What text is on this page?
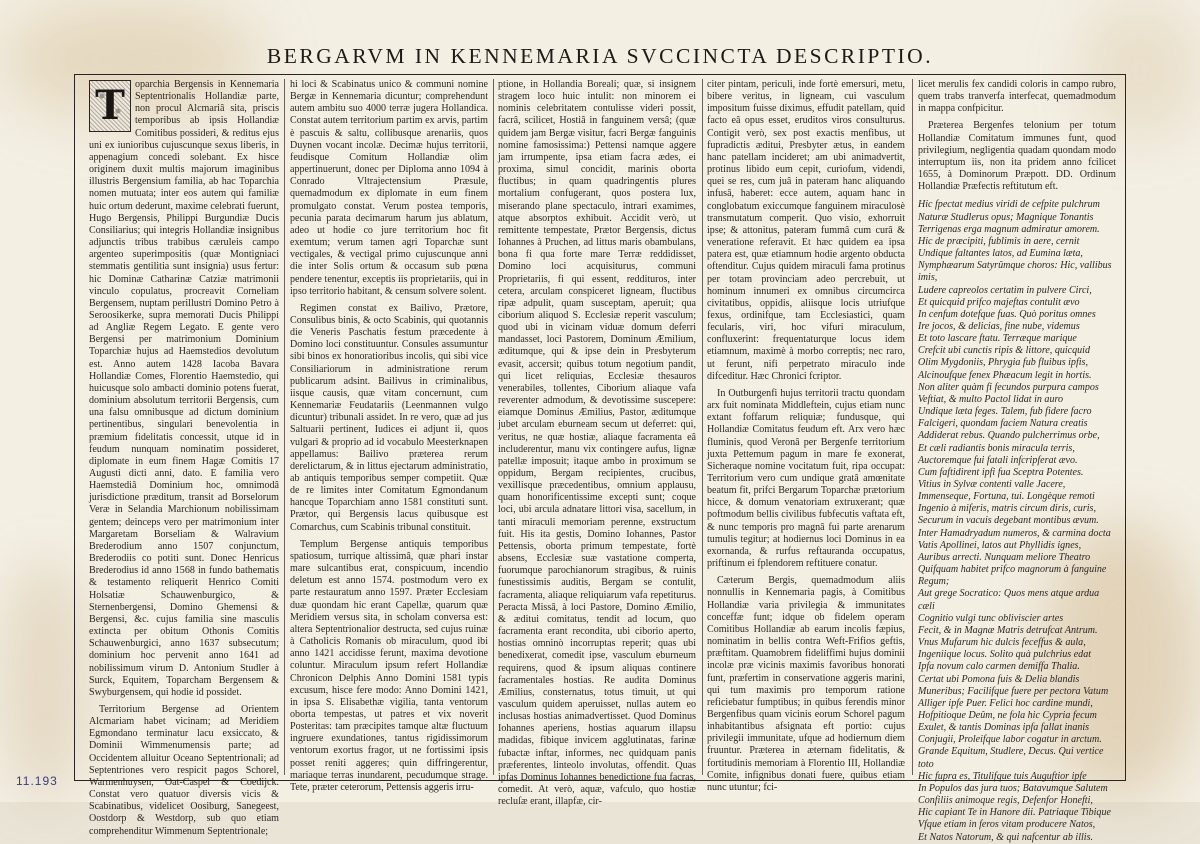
BERGARVM IN KENNEMARIA SVCCINCTA DESCRIPTIO.
T	oparchia Bergensis in Kennemaria Septentrionalis Hollandiæ parte, non procul Alcmariâ sita, priscis temporibus ab ipsis Hollandiæ Comitibus possideri, & reditus ejus uni ex iunioribus cujuscunque sexus liberis, in appenagium concedi solebant. Ex hisce originem duxit multis majorum imaginibus illustris Bergensium familia, ab hac Toparchia nomen mutuata; inter eos autem qui familiæ huic ortum dederunt, maxime celebrati fuerunt, Hugo Bergensis, Philippi Burgundiæ Ducis Consiliarius; qui integris Hollandiæ insignibus adjunctis tribus trabibus cæruleis campo argenteo superimpositis (quæ Montigniaci stemmatis gentilitia sunt insignia) usus fertur: hic Dominæ Catharinæ Catziæ matrimonii vinculo copulatus, procreavit Corneliam Bergensem, nuptam perillustri Domino Petro à Seroosikerke, supra memorati Ducis Philippi ad Angliæ Regem Legato. E gente vero Bergensi per matrimonium Dominium Toparchiæ hujus ad Haemstedios devolutum est. Anno autem 1428 Iacoba Bavara Hollandiæ Comes, Florentio Haemstedio, qui huicusque solo ambacti dominio potens fuerat, dominium absolutum territorii Bergensis, cum una falsu omnibusque ad dictum dominium pertinentibus, singulari benevolentia in præmium fidelitatis concessit, utque id in feudum nunquam nominatim possideret, diplomate in eum finem Hagæ Comitis 17 Augusti dicti anni, dato. E familia vero Haemstediâ Dominium hoc, omnimodâ jurisdictione præditum, transit ad Borselorum Veræ in Selandia Marchionum nobilissimam gentem; deinceps vero per matrimonium inter Margaretam Borseliam & Walravium Brederodium anno 1507 conjunctum, Brederodiis co potiti sunt. Donec Henricus Brederodius id anno 1568 in fundo bathematis & testamento reliquerit Henrico Comiti Holsatiæ Schauwenburgico, & Sternenbergensi, Domino Ghemensi & Bergensi, &c. cujus familia sine masculis extincta per obitum Othonis Comitis Schauwenburgici, anno 1637 subsecutum; dominium hoc pervenit anno 1641 ad nobilissimum virum D. Antonium Studler à Surck, Equitem, Toparcham Bergensem & Swyburgensem, qui hodie id possidet.

Territorium Bergense ad Orientem Alcmariam habet vicinam; ad Meridiem Egmondano terminatur lacu exsiccato, & Dominii Wimmenumensis parte; ad Occidentem alluitur Oceano Septentrionali; ad Septentriones vero respicit pagos Schorel, Warmenhuysen, Oat-Caspel & Coedijck. Constat vero quatuor diversis vicis & Scabinatibus, videlicet Oosiburg, Sanegeest, Oostdorp & Westdorp, sub quo etiam comprehenditur Wimmenum Septentrionale;

hi loci & Scabinatus unico & communi nomine Bergæ in Kennemaria dicuntur; comprehendunt autem ambitu suo 4000 terræ jugera Hollandica. Constat autem territorium partim ex arvis, partim è pascuis & saltu, collibusque arenariis, quos Duynen vocant incolæ. Decimæ hujus territorii, feudisque Comitum Hollandiæ olim appertinuerunt, donec per Diploma anno 1094 à Conrado Vltrajectensium Præsule, quemadmodum ex diplomate in eum finem promulgato constat. Verum postea temporis, pecunia parata decimarum harum jus ablatum, adeo ut hodie co jure territorium hoc fit exemtum; verum tamen agri Toparchæ sunt vectigales, & vectigal primo cujuscunque anni die inter Solis ortum & occasum sub pœna pendere tenentur, exceptis iis proprietariis, qui in ipso territorio habitant, & censum solvere solent.

Regimen constat ex Bailivo, Prætore, Consulibus binis, & octo Scabinis, qui quotannis die Veneris Paschatis festum præcedente à Domino loci constituuntur. Consules assumuntur sibi binos ex honoratioribus incolis, qui sibi vice Consiliariorum in administratione rerum publicarum adsint. Bailivus in criminalibus, iisque causis, quæ vitam concernunt, cum Kennemariæ Feudatariis (Leenmannen vulgo dicuntur) tribunali assidet. In re vero, quæ ad jus Saltuarii pertinent, Iudices ei adjunt ii, quos vulgari & proprio ad id vocabulo Meesterknapen appellamus: Bailivo præterea rerum derelictarum, & in littus ejectarum administratio, ab antiquis temporibus semper competiit. Quæ de re limites inter Comitatum Egmondanum hancque Toparchiam anno 1581 constituti sunt. Prætor, qui Bergensis lacus quibusque est Comarchus, cum Scabinis tribunal constituit.

Templum Bergense antiquis temporibus spatiosum, turrique altissimâ, quæ phari instar mare sulcantibus erat, conspicuum, incendio deletum est anno 1574. postmodum vero ex parte restauratum anno 1597. Præter Ecclesiam duæ quondam hic erant Capellæ, quarum quæ Meridiem versus sita, in scholam conversa est: altera Septentrionalior destructa, sed cujus ruinæ à Catholicis Romanis ob miraculum, quod ibi anno 1421 accidisse ferunt, maxima devotione coluntur. Miraculum ipsum refert Hollandiæ Chronicon Delphis Anno Domini 1581 typis excusum, hisce fere modo: Anno Domini 1421, in ipsa S. Elisabethæ vigilia, tanta ventorum oborta tempestas, ut patres et vix noverit Posteritas: tam præcipites tamque altæ fluctuum ingruere exundationes, tantus rigidissimorum ventorum exortus fragor, ut ne fortissimi ipsis posset reniti aggeres; quin diffringerentur, mariaque terras inundarent, pecudumque strage. Tete, præter ceterorum, Pettensis aggeris irru-

ptione, in Hollandia Boreali; quæ, si insignem stragem loco huic intulit: non minorem ei nominis celebritatem contulisse videri possit, facrâ, scilicet, Hostiâ in fanguinem versâ; (quæ quidem jam Bergæ visitur, facri Bergæ fanguinis nomine famosissima:) Pettensi namque aggere jam irrumpente, ipsa etiam facra ædes, ei proxima, simul concidit, marinis oborta fluctibus; in quam quadringentis plures mortalium confugerant, quos postera lux, miserando plane spectaculo, intrari examimes, atque absorptos exhibuit. Accidit verò, ut remittente tempestate, Prætor Bergensis, dictus Iohannes à Pruchen, ad littus maris obambulans, bona fi qua forte mare Terræ reddidisset, Domino loci acquisiturus, communi Proprietariis, fi qui essent, reddituros, inter cetera, arculam conspiceret ligneam, fluctibus ripæ adpulit, quam susceptam, aperuit; qua ciborium aliquod S. Ecclesiæ reperit vasculum; quod ubi in vicinam viduæ domum deferri mandasset, loci Pastorem, Dominum Æmilium, æditumque, qui & ipse dein in Presbyterum evasit, accersit; quibus totum negotium pandit, qui licet reliquias, Ecclesiæ thesauros venerabiles, tollentes, Ciborium aliaque vafa reverenter admodum, & devotissime suscepere: eiamque Dominus Æmilius, Pastor, æditumque jubet arculam eburneam secum ut deferret: qui, veritus, ne quæ hostiæ, aliaque facramenta eâ includerentur, manu vix contingere aufus, lignæ patellæ imposuit; itaque ambo in proximum se oppidum, Bergam recipientes, crucibus, vexillisque præcedentibus, omnium applausu, quam honorificentissime excepti sunt; coque loci, ubi arcula adnatare littori visa, sacellum, in tanti miraculi memoriam perenne, exstructum fuit. His ita gestis, Domino Iohannes, Pastor Pettensis, oborta primum tempestate, fortè absens, Ecclesiæ suæ vastatione comperta, fuorumque parochianorum stragibus, & ruinis funestissimis auditis, Bergam se contulit, facramenta, aliaque reliquiarum vafa repetiturus. Peracta Missâ, à loci Pastore, Domino Æmilio, & æditui comitatus, tendit ad locum, quo facramenta erant recondita, ubi ciborio aperto, hostias omninò incorruptas reperit; quas ubi benedixerat, comedit ipse, vasculum eburneum requirens, quod & ipsum aliquas continere facramentales hostias. Re audita Dominus Æmilius, consternatus, totus timuit, ut qui vasculum quidem aperuisset, nullas autem eo inclusas hostias animadvertisset. Quod Dominus Iohannes aperiens, hostias aquarum illapsu madidas, fibique invicem agglutinatas, farinæ fubactæ inftar, informes, nec quidquam panis præferentes, linteolo involutas, offendit. Quas ipfas Dominus Iohannes benedictione fua facras, comedit. At verò, aquæ, vafculo, quo hostiæ recluſæ erant, illapfæ, cir-

citer pintam, periculi, inde fortè emersuri, metu, bibere veritus, in ligneam, cui vasculum impositum fuisse diximus, effudit patellam, quid facto eâ opus esset, eruditos viros consulturus. Contigit verò, sex post exactis menfibus, ut fupradictis æditui, Presbyter ætus, in eandem hanc patellam incideret; am ubi animadvertit, protinus libido eum cepit, curiofum, videndi, quei se res, cum juâ in pateram hanc aliquando infusâ, haberet: ecce autem, aquam hanc in conglobatum exiccumque fanguinem miraculosè transmutatum comperit. Quo visio, exhorruit ipse; & attonitus, pateram fummâ cum curâ & veneratione referavit. Et hæc quidem ea ipsa patera est, quæ etiamnum hodie argento obducta oftenditur. Cujus quidem miraculi fama protinus per totam provinciam adeo percrebuit, ut hominum innumeri ex omnibus circumcirca civitatibus, oppidis, aliisque locis utriufque fexus, ordinifque, tam Ecclesiastici, quam fecularis, viri, hoc vifuri miraculum, confluxerint: frequentaturque locus idem etiamnum, maximè à morbo correptis; nec raro, ut ferunt, nifi perpetrato miraculo inde difceditur. Hæc Chronici fcriptor.

In Outburgenfi hujus territorii tractu quondam arx fuit nominata Middleftein, cujus etiam nunc extant foffarum reliquiæ; fundusque, qui Hollandiæ Comitatus feudum eft. Arx vero hæc fluminis, quod Veronâ per Bergenfe territorium juxta Pettemum pagum in mare fe exonerat, Sicheraque nomine vocitatum fuit, ripa occupat: Territorium vero cum undique gratâ amœnitate beatum fit, prifci Bergarum Toparchæ prætorium hicce, & domum venatoriam extruxerant; quæ poftmodum bellis civilibus fubfecutis vaftata eft, & nunc temporis pro magnâ fui parte arenarum tumulis tegitur; at hodiernus loci Dominus in ea exornanda, & rurfus reftauranda occupatus, priftinum ei fplendorem reftituere conatur.

Cæterum Bergis, quemadmodum aliis nonnullis in Kennemaria pagis, à Comitibus Hollandiæ varia privilegia & immunitates conceffæ funt; idque ob fidelem operam Comitibus Hollandiæ ab earum incolis fæpius, nominatim in bellis contra Weft-Frifios geftis, præftitam. Quamobrem fideliffimi hujus dominii incolæ præ vicinis maximis favoribus honorati funt, præfertim in conservatione aggeris marini, qui tum maximis pro temporum ratione reficiebatur fumptibus; in quibus ferendis minor Bergenfibus quam vicinis eorum Schorel pagum inhabitantibus afsignata eft portio: cujus privilegii immunitate, ufque ad hodiernum diem fruuntur. Præterea in æternam fidelitatis, & fortitudinis memoriam à Florentio III, Hollandiæ Comite, infignibus donati fuere, quibus etiam nunc utuntur; fci-

licet merulis fex candidi coloris in campo rubro, quem trabs tranverfa interfecat, quemadmodum in mappa confpicitur.

Præterea Bergenfes telonium per totum Hollandiæ Comitatum immunes funt, quod privilegium, negligentia quadam quondam modo interruptum iis, non ita pridem anno fcilicet 1655, à Dominorum Præpott. DD. Ordinum Hollandiæ Præfectis reftitutum eft.

Hic fpectat medius viridi de cefpite pulchrum
Naturæ Studlerus opus; Magnique Tonantis
Terrigenas erga magnum admiratur amorem.
Hic de præcipiti, fublimis in aere, cernit
Undique faltantes latos, ad Eumina læta,
Nymphæarum Satyrûmque choros: Hic, vallibus imis,
Ludere capreolos certatim in pulvere Circi,
Et quicquid prifco majeftas contulit ævo
In cenfum dotefque fuas. Quò poritus omnes
Ire jocos, & delicias, fine nube, videmus
Et toto lascare ftatu. Terræque marique
Crefcit ubi cunctis ripis & littore, quicquid
Olim Mygdoniis, Phrygia fub fluibus ipfis,
Alcinoufque fenex Phæacum legit in hortis.
Non aliter quàm fi fecundos purpura campos
Veftiat, & multo Pactol lidat in auro
Undique læta feges. Talem, fub fidere facro
Falcigeri, quondam faciem Natura creatis
Addiderat rebus. Quando pulcherrimus orbe,
Et cæli radiantis bonis miracula terris,
Auctoremque fui fatali infcripferat ævo.
Cum faftidirent ipfi fua Sceptra Potentes.
Vitius in Sylvæ contenti valle Jacere,
Immenseque, Fortuna, tui. Longèque remoti
Ingenio à miferis, matris circum diris, curis,
Securum in vacuis degebant montibus ævum.
Inter Hamadryadum numeros, & carmina docta
Vatis Apollinei, latos aut Phyllidis ignes,
Auribus arrecti. Nunquam meliore Theatro
Quifquam habitet prifco magnorum à fanguine Regum;
Aut grege Socratico: Quos mens atque ardua cæli
Cognitio vulgi tunc obliviscier artes
Fecit, & in Magnæ Matris detrufcat Antrum.
Vnus Mufarum hic dulcis feceffus & aula,
Ingeniique locus. Solito quà pulchrius edat
Ipfa novum calo carmen demiffa Thalia.
Certat ubi Pomona fuis & Delia blandis
Muneribus; Facilifque fuere per pectora Vatum
Alliger ipfe Puer. Felici hoc cardine mundi,
Hofpitioque Deûm, ne fola hic Cypria fecum
Exulet, & tantis Dominas ipfa fallat inanis
Conjugii, Proleifque labor cogatur in arctum.
Grande Equitum, Studlere, Decus. Qui vertice toto
Hic fupra es, Titulifque tuis Auguftior ipfe
In Populos das jura tuos; Batavumque Salutem
Confiliis animoque regis, Defenfor Honefti,
Hic capiant Te in Hanore dii. Patriaque Tibique
Vfque etiam in feros vitam producere Natos,
Et Natos Natorum, & qui nafcentur ab illis.

11.193
